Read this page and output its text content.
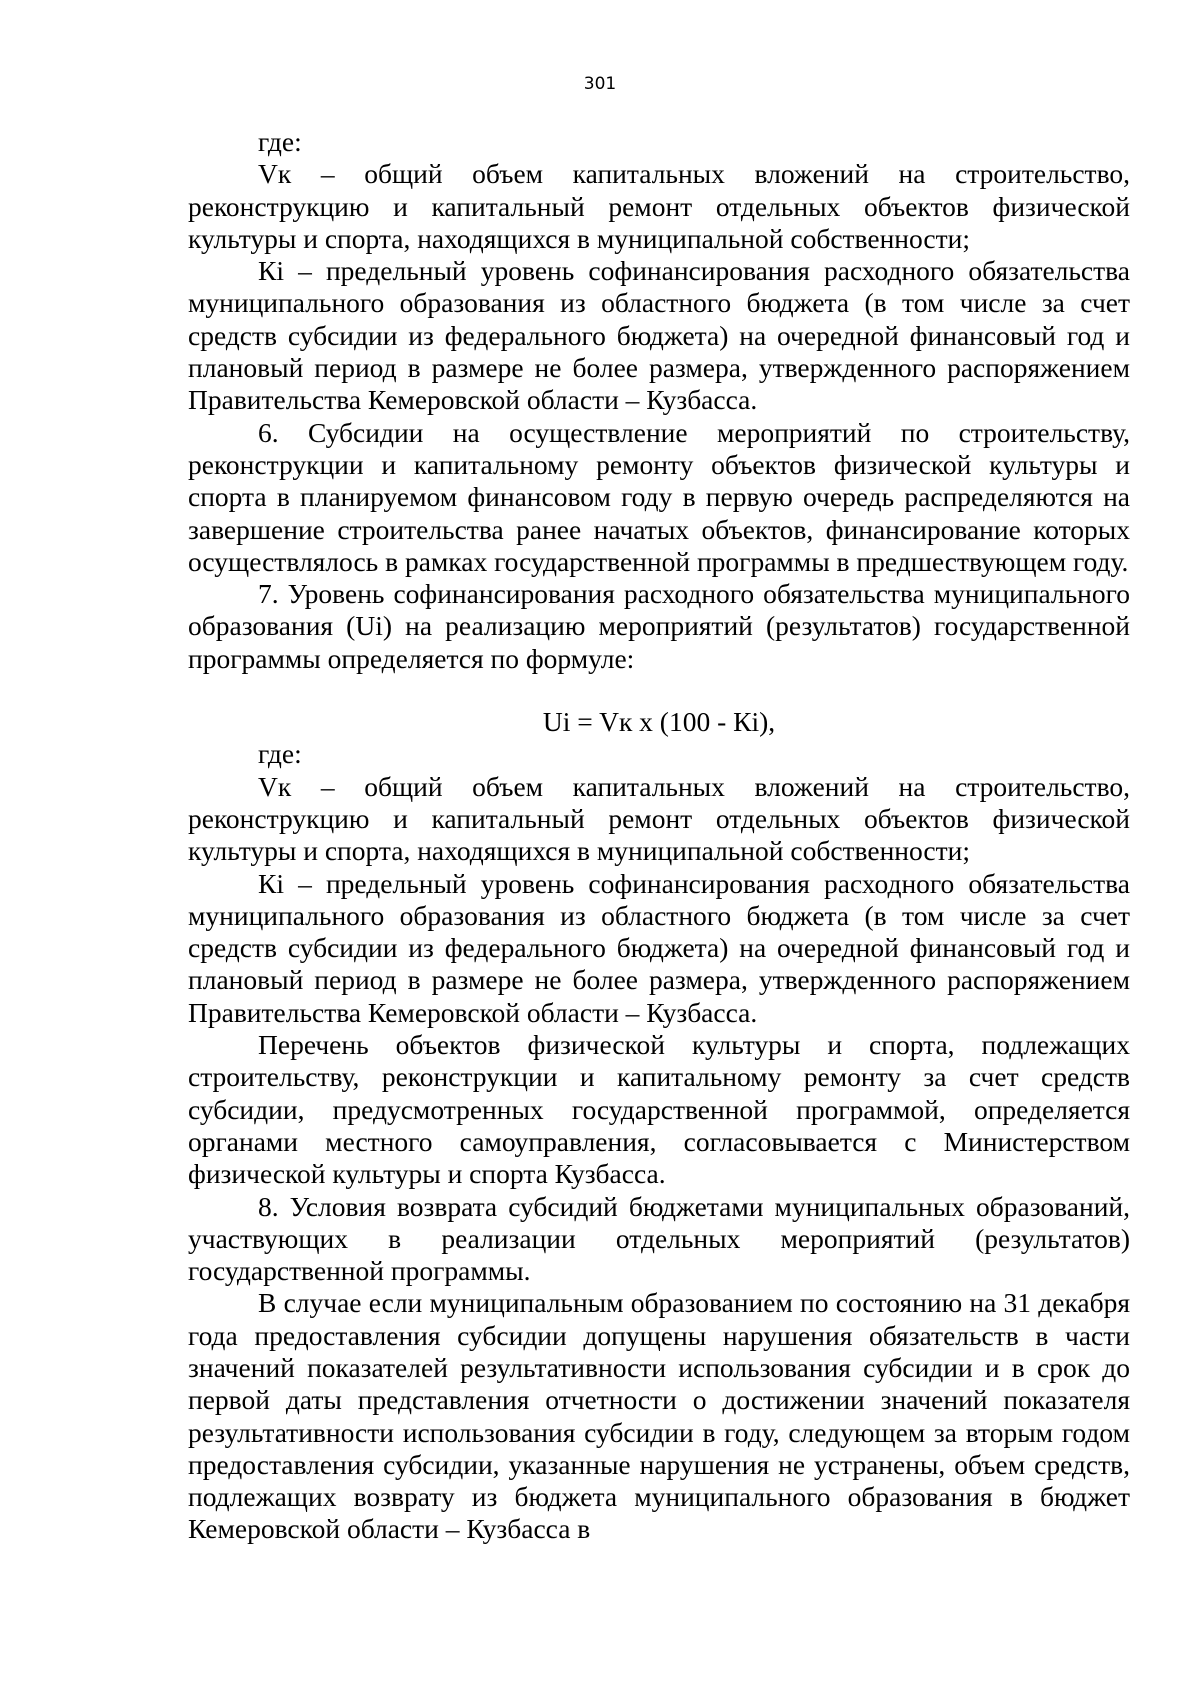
301

где:

Vк – общий объем капитальных вложений на строительство, реконструкцию и капитальный ремонт отдельных объектов физической культуры и спорта, находящихся в муниципальной собственности;

Кi – предельный уровень софинансирования расходного обязательства муниципального образования из областного бюджета (в том числе за счет средств субсидии из федерального бюджета) на очередной финансовый год и плановый период в размере не более размера, утвержденного распоряжением Правительства Кемеровской области – Кузбасса.

6. Субсидии на осуществление мероприятий по строительству, реконструкции и капитальному ремонту объектов физической культуры и спорта в планируемом финансовом году в первую очередь распределяются на завершение строительства ранее начатых объектов, финансирование которых осуществлялось в рамках государственной программы в предшествующем году.

7. Уровень софинансирования расходного обязательства муниципального образования (Ui) на реализацию мероприятий (результатов) государственной программы определяется по формуле:

Ui = Vк х (100 - Кi),

где:

Vк – общий объем капитальных вложений на строительство, реконструкцию и капитальный ремонт отдельных объектов физической культуры и спорта, находящихся в муниципальной собственности;

Кi – предельный уровень софинансирования расходного обязательства муниципального образования из областного бюджета (в том числе за счет средств субсидии из федерального бюджета) на очередной финансовый год и плановый период в размере не более размера, утвержденного распоряжением Правительства Кемеровской области – Кузбасса.

Перечень объектов физической культуры и спорта, подлежащих строительству, реконструкции и капитальному ремонту за счет средств субсидии, предусмотренных государственной программой, определяется органами местного самоуправления, согласовывается с Министерством физической культуры и спорта Кузбасса.

8. Условия возврата субсидий бюджетами муниципальных образований, участвующих в реализации отдельных мероприятий (результатов) государственной программы.

В случае если муниципальным образованием по состоянию на 31 декабря года предоставления субсидии допущены нарушения обязательств в части значений показателей результативности использования субсидии и в срок до первой даты представления отчетности о достижении значений показателя результативности использования субсидии в году, следующем за вторым годом предоставления субсидии, указанные нарушения не устранены, объем средств, подлежащих возврату из бюджета муниципального образования в бюджет Кемеровской области – Кузбасса в
